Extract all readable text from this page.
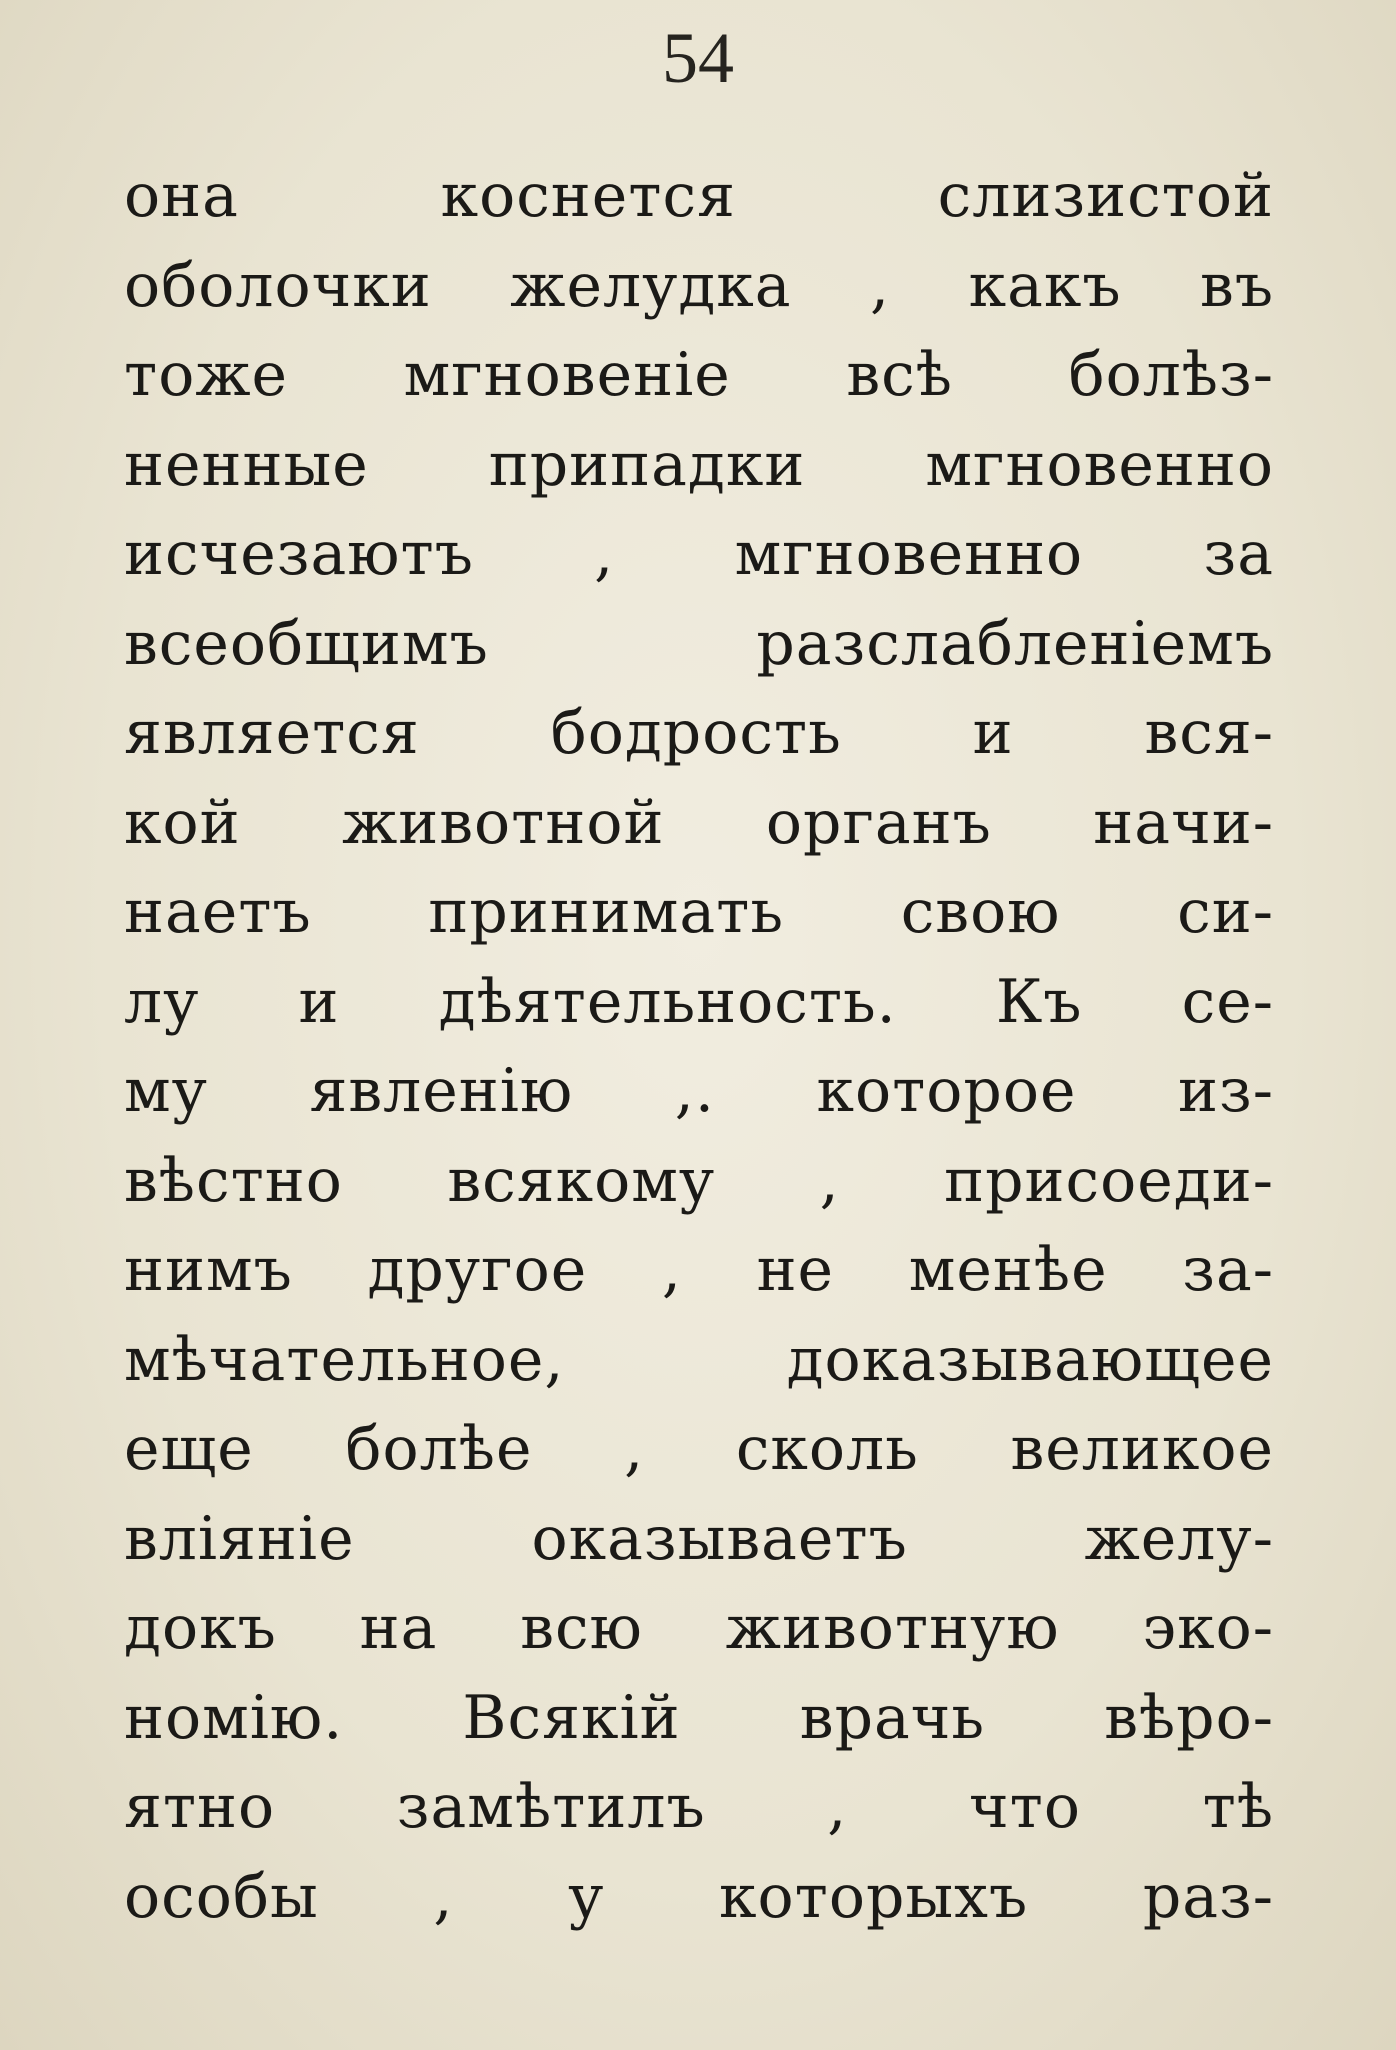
54
она коснется слизистой
оболочки желудка , какъ въ
тоже мгновеніе всѣ болѣз-
ненные припадки мгновенно
исчезаютъ , мгновенно за
всеобщимъ разслабленіемъ
является бодрость и вся-
кой животной органъ начи-
наетъ принимать свою си-
лу и дѣятельность. Къ се-
му явленію ,. которое из-
вѣстно всякому , присоеди-
нимъ другое , не менѣе за-
мѣчательное, доказывающее
еще болѣе , сколь великое
вліяніе оказываетъ желу-
докъ на всю животную эко-
номію. Всякій врачь вѣро-
ятно замѣтилъ , что тѣ
особы , у которыхъ раз-
